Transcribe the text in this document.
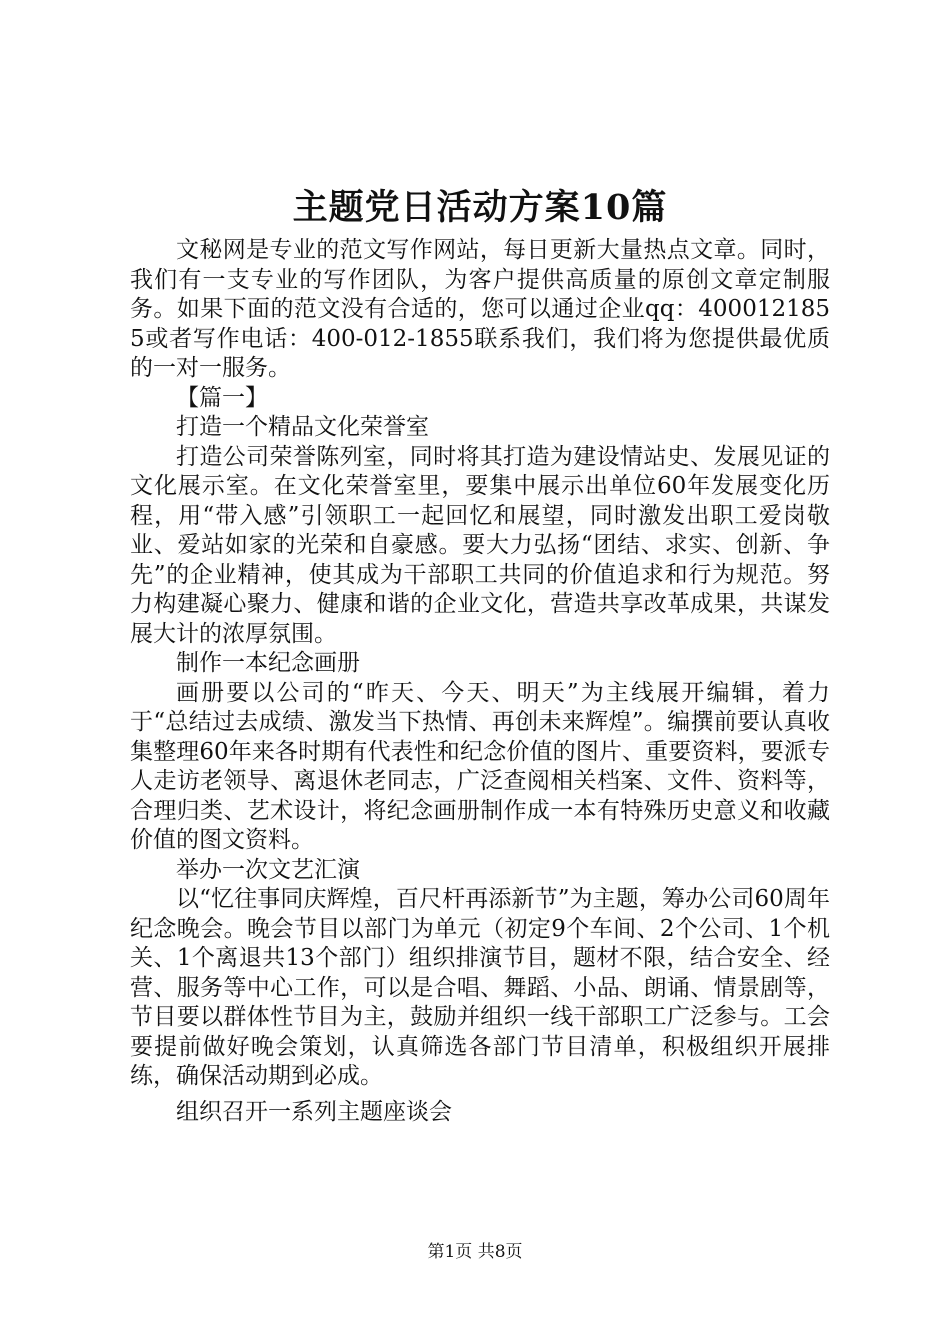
主题党日活动方案10篇

文秘网是专业的范文写作网站，每日更新大量热点文章。同时，我们有一支专业的写作团队，为客户提供高质量的原创文章定制服务。如果下面的范文没有合适的，您可以通过企业qq：4000121855或者写作电话：400-012-1855联系我们，我们将为您提供最优质的一对一服务。

【篇一】

打造一个精品文化荣誉室

打造公司荣誉陈列室，同时将其打造为建设情站史、发展见证的文化展示室。在文化荣誉室里，要集中展示出单位60年发展变化历程，用“带入感”引领职工一起回忆和展望，同时激发出职工爱岗敬业、爱站如家的光荣和自豪感。要大力弘扬“团结、求实、创新、争先”的企业精神，使其成为干部职工共同的价值追求和行为规范。努力构建凝心聚力、健康和谐的企业文化，营造共享改革成果，共谋发展大计的浓厚氛围。

制作一本纪念画册

画册要以公司的“昨天、今天、明天”为主线展开编辑，着力于“总结过去成绩、激发当下热情、再创未来辉煌”。编撰前要认真收集整理60年来各时期有代表性和纪念价值的图片、重要资料，要派专人走访老领导、离退休老同志，广泛查阅相关档案、文件、资料等，合理归类、艺术设计，将纪念画册制作成一本有特殊历史意义和收藏价值的图文资料。

举办一次文艺汇演

以“忆往事同庆辉煌，百尺杆再添新节”为主题，筹办公司60周年纪念晚会。晚会节目以部门为单元（初定9个车间、2个公司、1个机关、1个离退共13个部门）组织排演节目，题材不限，结合安全、经营、服务等中心工作，可以是合唱、舞蹈、小品、朗诵、情景剧等，节目要以群体性节目为主，鼓励并组织一线干部职工广泛参与。工会要提前做好晚会策划，认真筛选各部门节目清单，积极组织开展排练，确保活动期到必成。

组织召开一系列主题座谈会

第1页 共8页
